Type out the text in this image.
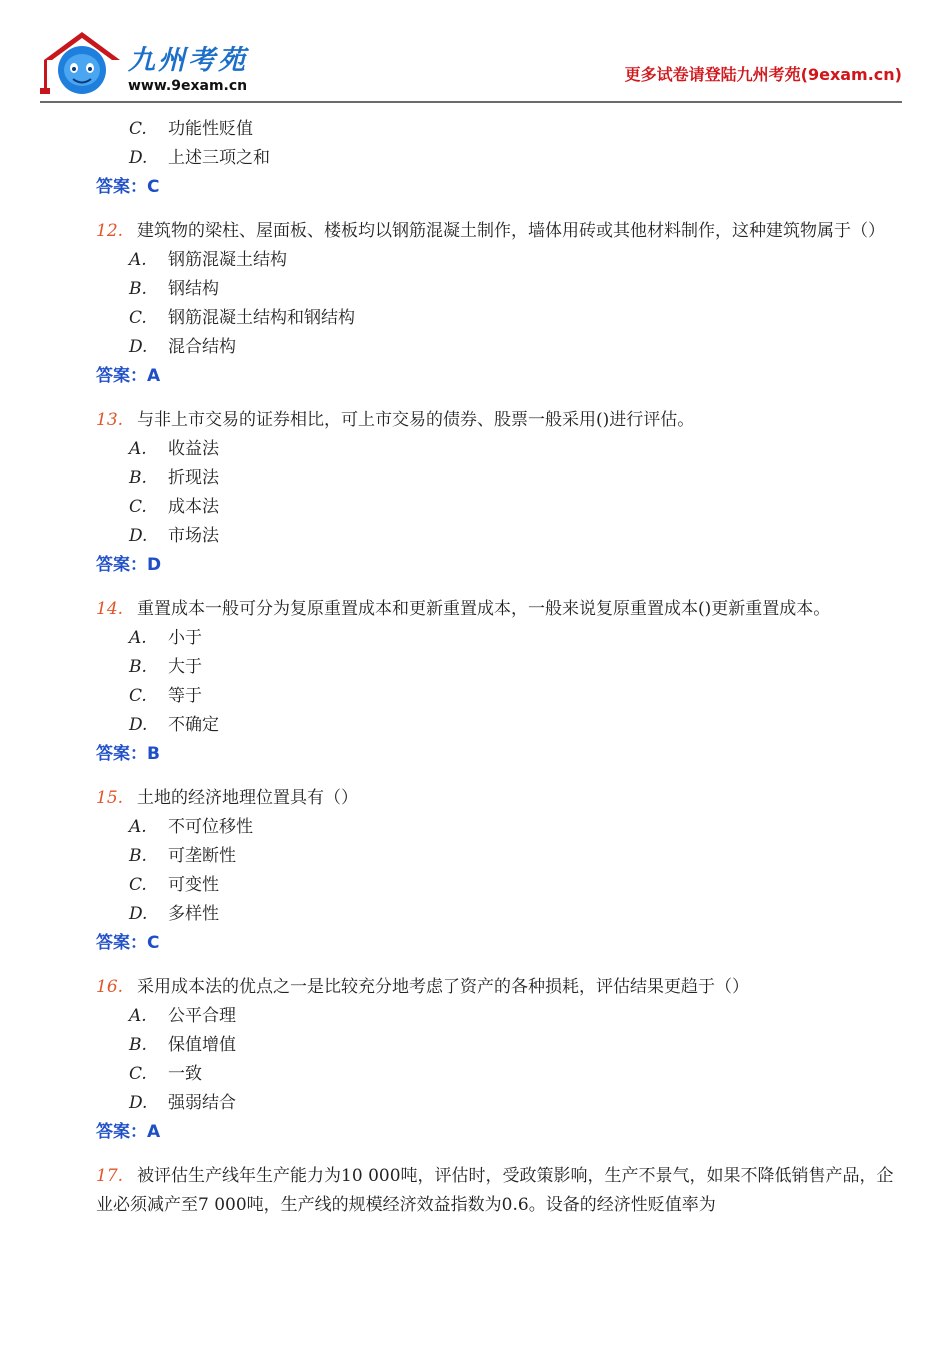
九州考苑
www.9exam.cn
更多试卷请登陆九州考苑(9exam.cn)
C. 功能性贬值
D. 上述三项之和
答案：C
12. 建筑物的梁柱、屋面板、楼板均以钢筋混凝土制作，墙体用砖或其他材料制作，这种建筑物属于（）
A. 钢筋混凝土结构
B. 钢结构
C. 钢筋混凝土结构和钢结构
D. 混合结构
答案：A
13. 与非上市交易的证券相比，可上市交易的债券、股票一般采用()进行评估。
A. 收益法
B. 折现法
C. 成本法
D. 市场法
答案：D
14. 重置成本一般可分为复原重置成本和更新重置成本，一般来说复原重置成本()更新重置成本。
A. 小于
B. 大于
C. 等于
D. 不确定
答案：B
15. 土地的经济地理位置具有（）
A. 不可位移性
B. 可垄断性
C. 可变性
D. 多样性
答案：C
16. 采用成本法的优点之一是比较充分地考虑了资产的各种损耗，评估结果更趋于（）
A. 公平合理
B. 保值增值
C. 一致
D. 强弱结合
答案：A
17. 被评估生产线年生产能力为10 000吨，评估时，受政策影响，生产不景气，如果不降低销售产品，企业必须减产至7 000吨，生产线的规模经济效益指数为0.6。设备的经济性贬值率为
